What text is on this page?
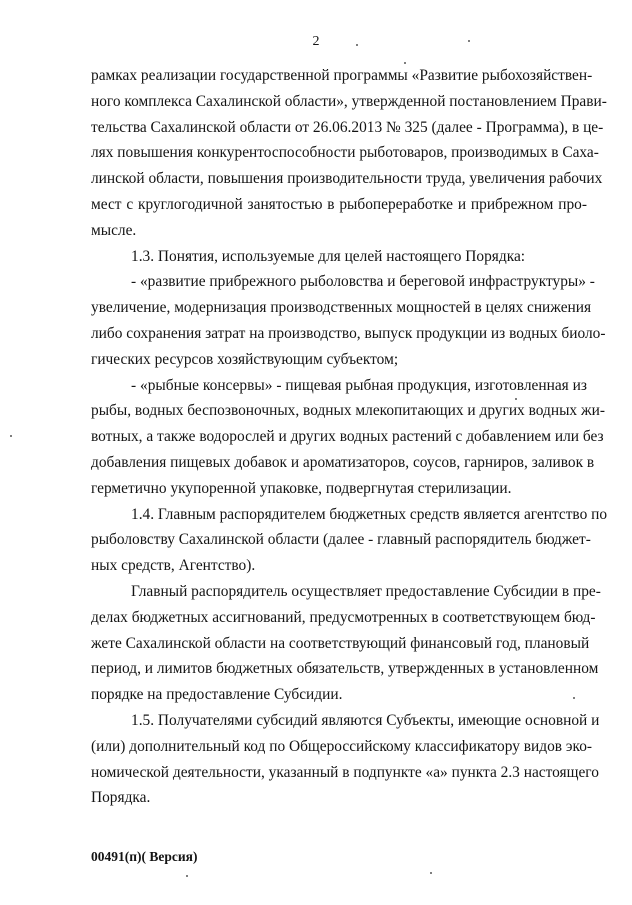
2
рамках реализации государственной программы «Развитие рыбохозяйствен-
ного комплекса Сахалинской области», утвержденной постановлением Прави-
тельства Сахалинской области от 26.06.2013 № 325 (далее - Программа), в це-
лях повышения конкурентоспособности рыботоваров, производимых в Саха-
линской области, повышения производительности труда, увеличения рабочих
мест с круглогодичной занятостью в рыбопереработке и прибрежном про-
мысле.
1.3. Понятия, используемые для целей настоящего Порядка:
- «развитие прибрежного рыболовства и береговой инфраструктуры» -
увеличение, модернизация производственных мощностей в целях снижения
либо сохранения затрат на производство, выпуск продукции из водных биоло-
гических ресурсов хозяйствующим субъектом;
- «рыбные консервы» - пищевая рыбная продукция, изготовленная из
рыбы, водных беспозвоночных, водных млекопитающих и других водных жи-
вотных, а также водорослей и других водных растений с добавлением или без
добавления пищевых добавок и ароматизаторов, соусов, гарниров, заливок в
герметично укупоренной упаковке, подвергнутая стерилизации.
1.4. Главным распорядителем бюджетных средств является агентство по
рыболовству Сахалинской области (далее - главный распорядитель бюджет-
ных средств, Агентство).
Главный распорядитель осуществляет предоставление Субсидии в пре-
делах бюджетных ассигнований, предусмотренных в соответствующем бюд-
жете Сахалинской области на соответствующий финансовый год, плановый
период, и лимитов бюджетных обязательств, утвержденных в установленном
порядке на предоставление Субсидии.
1.5. Получателями субсидий являются Субъекты, имеющие основной и
(или) дополнительный код по Общероссийскому классификатору видов эко-
номической деятельности, указанный в подпункте «а» пункта 2.3 настоящего
Порядка.
00491(п)( Версия)
